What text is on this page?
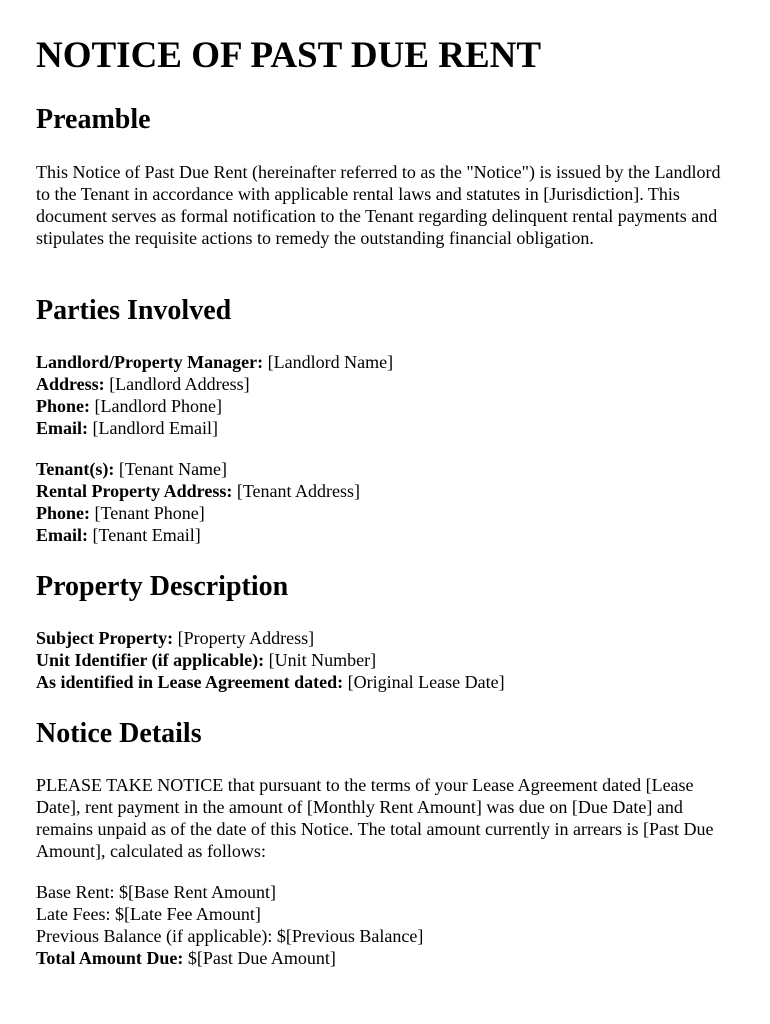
NOTICE OF PAST DUE RENT
Preamble

This Notice of Past Due Rent (hereinafter referred to as the "Notice") is issued by the Landlord to the Tenant in accordance with applicable rental laws and statutes in [Jurisdiction]. This document serves as formal notification to the Tenant regarding delinquent rental payments and stipulates the requisite actions to remedy the outstanding financial obligation.

Parties Involved
Landlord/Property Manager: [Landlord Name]
Address: [Landlord Address]
Phone: [Landlord Phone]
Email: [Landlord Email]
Tenant(s): [Tenant Name]
Rental Property Address: [Tenant Address]
Phone: [Tenant Phone]
Email: [Tenant Email]
Property Description
Subject Property: [Property Address]
Unit Identifier (if applicable): [Unit Number]
As identified in Lease Agreement dated: [Original Lease Date]
Notice Details

PLEASE TAKE NOTICE that pursuant to the terms of your Lease Agreement dated [Lease Date], rent payment in the amount of [Monthly Rent Amount] was due on [Due Date] and remains unpaid as of the date of this Notice. The total amount currently in arrears is [Past Due Amount], calculated as follows:

Base Rent: $[Base Rent Amount]
Late Fees: $[Late Fee Amount]
Previous Balance (if applicable): $[Previous Balance]
Total Amount Due: $[Past Due Amount]
